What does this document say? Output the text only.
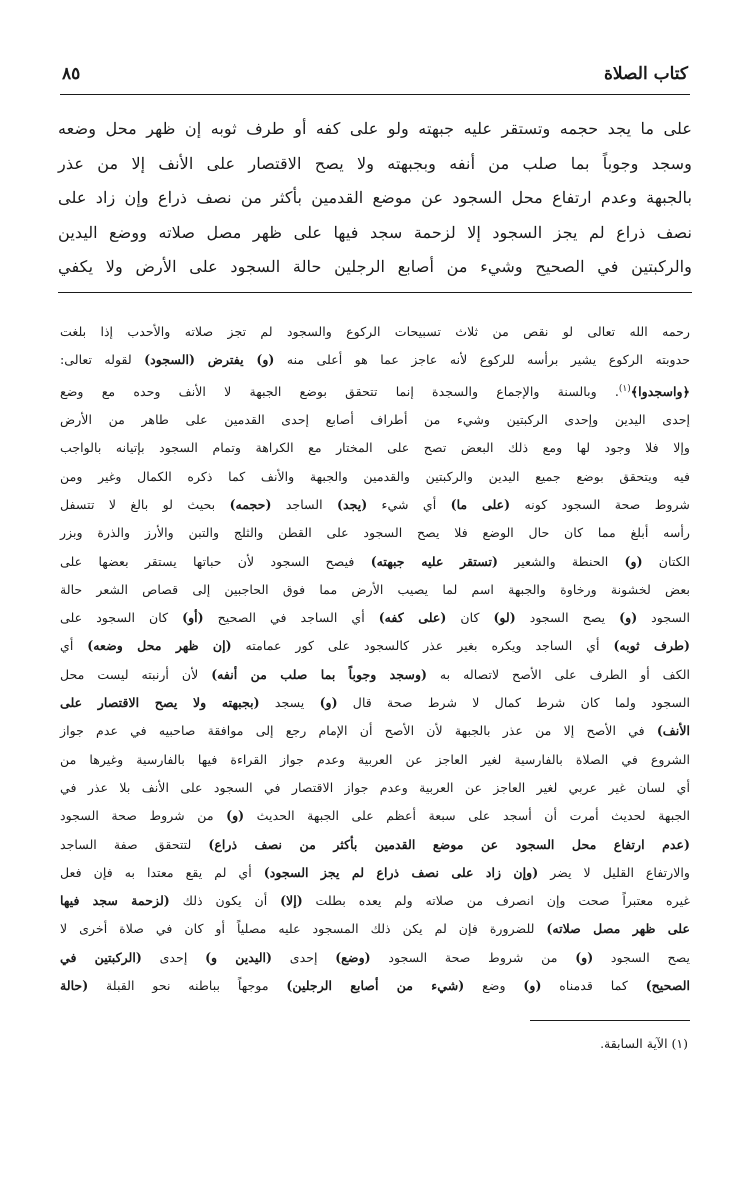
كتاب الصلاة
٨٥
على ما يجد حجمه وتستقر عليه جبهته ولو على كفه أو طرف ثوبه إن ظهر محل وضعه
وسجد وجوباً بما صلب من أنفه وبجبهته ولا يصح الاقتصار على الأنف إلا من عذر
بالجبهة وعدم ارتفاع محل السجود عن موضع القدمين بأكثر من نصف ذراع وإن زاد على
نصف ذراع لم يجز السجود إلا لزحمة سجد فيها على ظهر مصل صلاته ووضع اليدين
والركبتين في الصحيح وشيء من أصابع الرجلين حالة السجود على الأرض ولا يكفي
رحمه الله تعالى لو نقص من ثلاث تسبيحات الركوع والسجود لم تجز صلاته والأحدب إذا بلغت
حدوبته الركوع يشير برأسه للركوع لأنه عاجز عما هو أعلى منه (و) يفترض (السجود) لقوله تعالى:
﴿واسجدوا﴾$^{(١)}$. وبالسنة والإجماع والسجدة إنما تتحقق بوضع الجبهة لا الأنف وحده مع وضع
إحدى اليدين وإحدى الركبتين وشيء من أطراف أصابع إحدى القدمين على طاهر من الأرض
وإلا فلا وجود لها ومع ذلك البعض تصح على المختار مع الكراهة وتمام السجود بإتيانه بالواجب
فيه ويتحقق بوضع جميع اليدين والركبتين والقدمين والجبهة والأنف كما ذكره الكمال وغير ومن
شروط صحة السجود كونه (على ما) أي شيء (يجد) الساجد (حجمه) بحيث لو بالغ لا تتسفل
رأسه أبلغ مما كان حال الوضع فلا يصح السجود على القطن والثلج والتبن والأرز والذرة وبزر
الكتان (و) الحنطة والشعير (تستقر عليه جبهته) فيصح السجود لأن حباتها يستقر بعضها على
بعض لخشونة ورخاوة والجبهة اسم لما يصيب الأرض مما فوق الحاجبين إلى قصاص الشعر حالة
السجود (و) يصح السجود (لو) كان (على كفه) أي الساجد في الصحيح (أو) كان السجود على
(طرف ثوبه) أي الساجد ويكره بغير عذر كالسجود على كور عمامته (إن ظهر محل وضعه) أي
الكف أو الطرف على الأصح لاتصاله به (وسجد وجوباً بما صلب من أنفه) لأن أرنبته ليست محل
السجود ولما كان شرط كمال لا شرط صحة قال (و) يسجد (بجبهته ولا يصح الاقتصار على
الأنف) في الأصح إلا من عذر بالجبهة لأن الأصح أن الإمام رجع إلى موافقة صاحبيه في عدم جواز
الشروع في الصلاة بالفارسية لغير العاجز عن العربية وعدم جواز القراءة فيها بالفارسية وغيرها من
أي لسان غير عربي لغير العاجز عن العربية وعدم جواز الاقتصار في السجود على الأنف بلا عذر في
الجبهة لحديث أمرت أن أسجد على سبعة أعظم على الجبهة الحديث (و) من شروط صحة السجود
(عدم ارتفاع محل السجود عن موضع القدمين بأكثر من نصف ذراع) لتتحقق صفة الساجد
والارتفاع القليل لا يضر (وإن زاد على نصف ذراع لم يجز السجود) أي لم يقع معتدا به فإن فعل
غيره معتبراً صحت وإن انصرف من صلاته ولم يعده بطلت (إلا) أن يكون ذلك (لزحمة سجد فيها
على ظهر مصل صلاته) للضرورة فإن لم يكن ذلك المسجود عليه مصلياً أو كان في صلاة أخرى لا
يصح السجود (و) من شروط صحة السجود (وضع) إحدى (اليدين و) إحدى (الركبتين في
الصحيح) كما قدمناه (و) وضع (شيء من أصابع الرجلين) موجهاً بباطنه نحو القبلة (حالة
(١) الآية السابقة.
